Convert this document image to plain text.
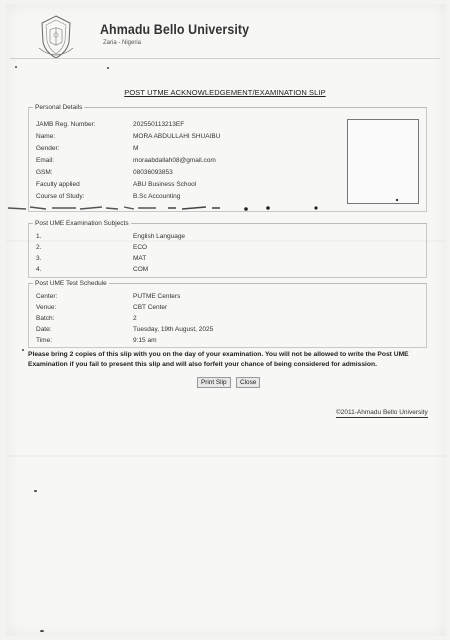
Ahmadu Bello University
Zaria - Nigeria
POST UTME ACKNOWLEDGEMENT/EXAMINATION SLIP
Personal Details
JAMB Reg. Number:	202550113213EF
Name:	MORA ABDULLAHI SHUAIBU
Gender:	M
Email:	moraabdallah08@gmail.com
GSM:	08036093853
Faculty applied	ABU Business School
Course of Study:	B.Sc Accounting
Post UME Examination Subjects
1.	English Language
2.	ECO
3.	MAT
4.	COM
Post UME Test Schedule
Center:	PUTME Centers
Venue:	CBT Center
Batch:	2
Date:	Tuesday, 19th August, 2025
Time:	9:15 am
Please bring 2 copies of this slip with you on the day of your examination. You will not be allowed to write the Post UME Examination if you fail to present this slip and will also forfeit your chance of being considered for admission.
Print Slip	Close
©2011-Ahmadu Bello University
